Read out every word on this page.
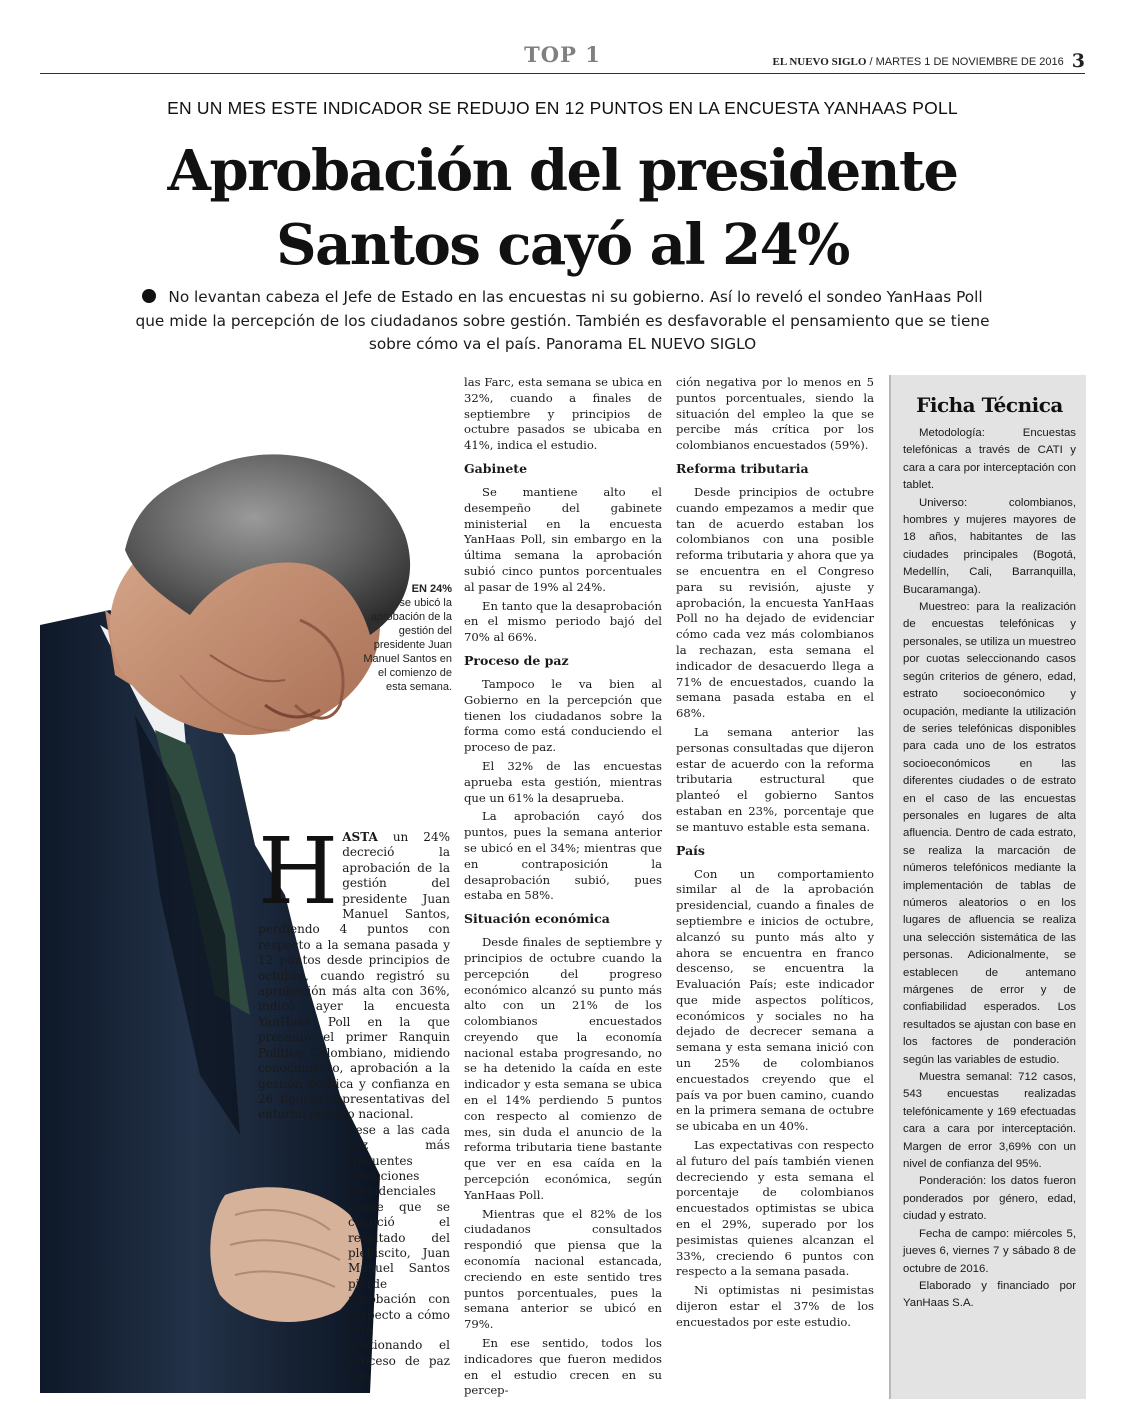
TOP 1	EL NUEVO SIGLO / MARTES 1 DE NOVIEMBRE DE 2016 3
EN UN MES ESTE INDICADOR SE REDUJO EN 12 PUNTOS EN LA ENCUESTA YANHAAS POLL
Aprobación del presidente
Santos cayó al 24%
No levantan cabeza el Jefe de Estado en las encuestas ni su gobierno. Así lo reveló el sondeo YanHaas Poll que mide la percepción de los ciudadanos sobre gestión. También es desfavorable el pensamiento que se tiene sobre cómo va el país. Panorama EL NUEVO SIGLO
EN 24%
se ubicó la aprobación de la gestión del presidente Juan Manuel Santos en el comienzo de esta semana.

HASTA un 24% decreció la aprobación de la gestión del presidente Juan Manuel Santos, perdiendo 4 puntos con respecto a la semana pasada y 12 puntos desde principios de octubre, cuando registró su aprobación más alta con 36%, indicó ayer la encuesta YanHaas Poll en la que presentó el primer Ranquin Político Colombiano, midiendo conocimiento, aprobación a la gestión política y confianza en 26 figuras representativas del entorno político nacional.

Pese a las cada vez más frecuentes alocuciones presidenciales desde que se conoció el resultado del plebiscito, Juan Manuel Santos pierde aprobación con respecto a cómo está gestionando el proceso de paz con

las Farc, esta semana se ubica en 32%, cuando a finales de septiembre y principios de octubre pasados se ubicaba en 41%, indica el estudio.

Gabinete

Se mantiene alto el desempeño del gabinete ministerial en la encuesta YanHaas Poll, sin embargo en la última semana la aprobación subió cinco puntos porcentuales al pasar de 19% al 24%.

En tanto que la desaprobación en el mismo periodo bajó del 70% al 66%.

Proceso de paz

Tampoco le va bien al Gobierno en la percepción que tienen los ciudadanos sobre la forma como está conduciendo el proceso de paz.

El 32% de las encuestas aprueba esta gestión, mientras que un 61% la desaprueba.

La aprobación cayó dos puntos, pues la semana anterior se ubicó en el 34%; mientras que en contraposición la desaprobación subió, pues estaba en 58%.

Situación económica

Desde finales de septiembre y principios de octubre cuando la percepción del progreso económico alcanzó su punto más alto con un 21% de los colombianos encuestados creyendo que la economía nacional estaba progresando, no se ha detenido la caída en este indicador y esta semana se ubica en el 14% perdiendo 5 puntos con respecto al comienzo de mes, sin duda el anuncio de la reforma tributaria tiene bastante que ver en esa caída en la percepción económica, según YanHaas Poll.

Mientras que el 82% de los ciudadanos consultados respondió que piensa que la economía nacional estancada, creciendo en este sentido tres puntos porcentuales, pues la semana anterior se ubicó en 79%.

En ese sentido, todos los indicadores que fueron medidos en el estudio crecen en su percep-

ción negativa por lo menos en 5 puntos porcentuales, siendo la situación del empleo la que se percibe más crítica por los colombianos encuestados (59%).

Reforma tributaria

Desde principios de octubre cuando empezamos a medir que tan de acuerdo estaban los colombianos con una posible reforma tributaria y ahora que ya se encuentra en el Congreso para su revisión, ajuste y aprobación, la encuesta YanHaas Poll no ha dejado de evidenciar cómo cada vez más colombianos la rechazan, esta semana el indicador de desacuerdo llega a 71% de encuestados, cuando la semana pasada estaba en el 68%.

La semana anterior las personas consultadas que dijeron estar de acuerdo con la reforma tributaria estructural que planteó el gobierno Santos estaban en 23%, porcentaje que se mantuvo estable esta semana.

País

Con un comportamiento similar al de la aprobación presidencial, cuando a finales de septiembre e inicios de octubre, alcanzó su punto más alto y ahora se encuentra en franco descenso, se encuentra la Evaluación País; este indicador que mide aspectos políticos, económicos y sociales no ha dejado de decrecer semana a semana y esta semana inició con un 25% de colombianos encuestados creyendo que el país va por buen camino, cuando en la primera semana de octubre se ubicaba en un 40%.

Las expectativas con respecto al futuro del país también vienen decreciendo y esta semana el porcentaje de colombianos encuestados optimistas se ubica en el 29%, superado por los pesimistas quienes alcanzan el 33%, creciendo 6 puntos con respecto a la semana pasada.

Ni optimistas ni pesimistas dijeron estar el 37% de los encuestados por este estudio.

Ficha Técnica

Metodología: Encuestas telefónicas a través de CATI y cara a cara por interceptación con tablet.

Universo: colombianos, hombres y mujeres mayores de 18 años, habitantes de las ciudades principales (Bogotá, Medellín, Cali, Barranquilla, Bucaramanga).

Muestreo: para la realización de encuestas telefónicas y personales, se utiliza un muestreo por cuotas seleccionando casos según criterios de género, edad, estrato socioeconómico y ocupación, mediante la utilización de series telefónicas disponibles para cada uno de los estratos socioeconómicos en las diferentes ciudades o de estrato en el caso de las encuestas personales en lugares de alta afluencia. Dentro de cada estrato, se realiza la marcación de números telefónicos mediante la implementación de tablas de números aleatorios o en los lugares de afluencia se realiza una selección sistemática de las personas. Adicionalmente, se establecen de antemano márgenes de error y de confiabilidad esperados. Los resultados se ajustan con base en los factores de ponderación según las variables de estudio.

Muestra semanal: 712 casos, 543 encuestas realizadas telefónicamente y 169 efectuadas cara a cara por interceptación. Margen de error 3,69% con un nivel de confianza del 95%.

Ponderación: los datos fueron ponderados por género, edad, ciudad y estrato.

Fecha de campo: miércoles 5, jueves 6, viernes 7 y sábado 8 de octubre de 2016.

Elaborado y financiado por YanHaas S.A.
